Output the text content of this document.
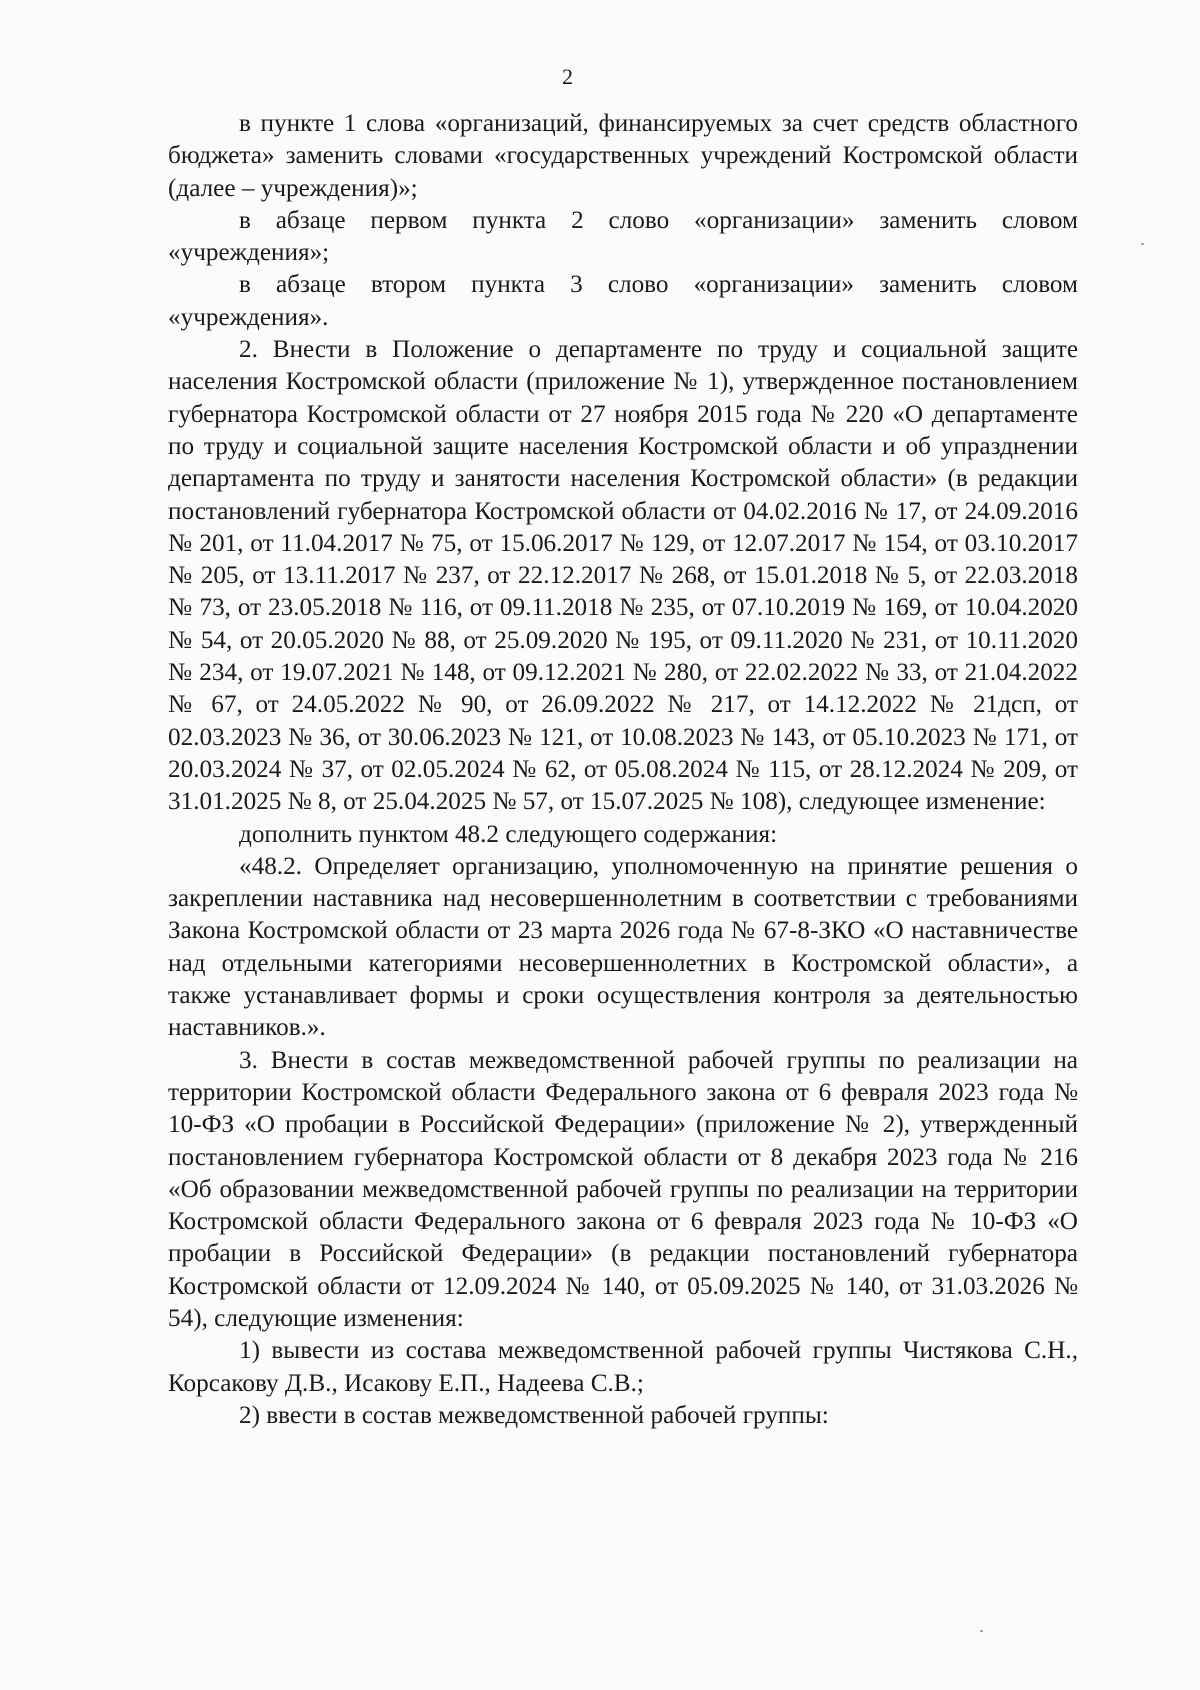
2

в пункте 1 слова «организаций, финансируемых за счет средств областного бюджета» заменить словами «государственных учреждений Костромской области (далее – учреждения)»;

в абзаце первом пункта 2 слово «организации» заменить словом «учреждения»;

в абзаце втором пункта 3 слово «организации» заменить словом «учреждения».

2. Внести в Положение о департаменте по труду и социальной защите населения Костромской области (приложение № 1), утвержденное постановлением губернатора Костромской области от 27 ноября 2015 года № 220 «О департаменте по труду и социальной защите населения Костромской области и об упразднении департамента по труду и занятости населения Костромской области» (в редакции постановлений губернатора Костромской области от 04.02.2016 № 17, от 24.09.2016 № 201, от 11.04.2017 № 75, от 15.06.2017 № 129, от 12.07.2017 № 154, от 03.10.2017 № 205, от 13.11.2017 № 237, от 22.12.2017 № 268, от 15.01.2018 № 5, от 22.03.2018 № 73, от 23.05.2018 № 116, от 09.11.2018 № 235, от 07.10.2019 № 169, от 10.04.2020 № 54, от 20.05.2020 № 88, от 25.09.2020 № 195, от 09.11.2020 № 231, от 10.11.2020 № 234, от 19.07.2021 № 148, от 09.12.2021 № 280, от 22.02.2022 № 33, от 21.04.2022 № 67, от 24.05.2022 № 90, от 26.09.2022 № 217, от 14.12.2022 № 21дсп, от 02.03.2023 № 36, от 30.06.2023 № 121, от 10.08.2023 № 143, от 05.10.2023 № 171, от 20.03.2024 № 37, от 02.05.2024 № 62, от 05.08.2024 № 115, от 28.12.2024 № 209, от 31.01.2025 № 8, от 25.04.2025 № 57, от 15.07.2025 № 108), следующее изменение:

дополнить пунктом 48.2 следующего содержания:

«48.2. Определяет организацию, уполномоченную на принятие решения о закреплении наставника над несовершеннолетним в соответствии с требованиями Закона Костромской области от 23 марта 2026 года № 67-8-ЗКО «О наставничестве над отдельными категориями несовершеннолетних в Костромской области», а также устанавливает формы и сроки осуществления контроля за деятельностью наставников.».

3. Внести в состав межведомственной рабочей группы по реализации на территории Костромской области Федерального закона от 6 февраля 2023 года № 10-ФЗ «О пробации в Российской Федерации» (приложение № 2), утвержденный постановлением губернатора Костромской области от 8 декабря 2023 года № 216 «Об образовании межведомственной рабочей группы по реализации на территории Костромской области Федерального закона от 6 февраля 2023 года № 10-ФЗ «О пробации в Российской Федерации» (в редакции постановлений губернатора Костромской области от 12.09.2024 № 140, от 05.09.2025 № 140, от 31.03.2026 № 54), следующие изменения:

1) вывести из состава межведомственной рабочей группы Чистякова С.Н., Корсакову Д.В., Исакову Е.П., Надеева С.В.;

2) ввести в состав межведомственной рабочей группы:
